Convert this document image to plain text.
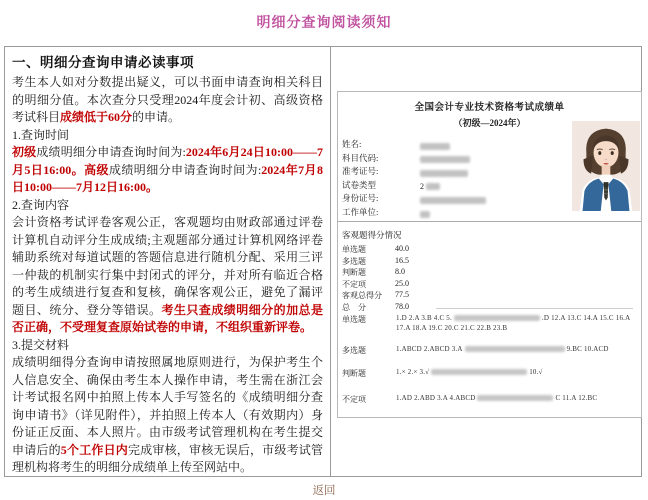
明细分查询阅读须知
一、明细分查询申请必读事项
考生本人如对分数提出疑义，可以书面申请查询相关科目的明细分值。本次查分只受理2024年度会计初、高级资格考试科目成绩低于60分的申请。
1.查询时间
初级成绩明细分申请查询时间为:2024年6月24日10:00——7月5日16:00。高级成绩明细分申请查询时间为:2024年7月8日10:00——7月12日16:00。
2.查询内容
会计资格考试评卷客观公正，客观题均由财政部通过评卷计算机自动评分生成成绩;主观题部分通过计算机网络评卷辅助系统对每道试题的答题信息进行随机分配、采用三评一仲裁的机制实行集中封闭式的评分，并对所有临近合格的考生成绩进行复查和复核，确保客观公正，避免了漏评题目、统分、登分等错误。考生只查成绩明细分的加总是否正确，不受理复查原始试卷的申请，不组织重新评卷。
3.提交材料
成绩明细得分查询申请按照属地原则进行，为保护考生个人信息安全、确保由考生本人操作申请，考生需在浙江会计考试报名网中拍照上传本人手写签名的《成绩明细分查询申请书》（详见附件），并拍照上传本人（有效期内）身份证正反面、本人照片。由市级考试管理机构在考生提交申请后的5个工作日内完成审核，审核无误后，市级考试管理机构将考生的明细分成绩单上传至网站中。
全国会计专业技术资格考试成绩单
（初级—2024年）
姓名:
科目代码:
准考证号:
试卷类型	2
身份证号:
工作单位:
客观题得分情况
单选题	40.0
多选题	16.5
判断题	8.0
不定项	25.0
客观总得分 77.5
总　分	78.0
单选题	1.D 2.A 3.B 4.C 5.	.D 12.A 13.C 14.A 15.C 16.A 17.A 18.A 19.C 20.C 21.C 22.B 23.B
多选题	1.ABCD 2.ABCD 3.A	9.BC 10.ACD
判断题	1.× 2.× 3.√	10.√
不定项	1.AD 2.ABD 3.A 4.ABCD	C 11.A 12.BC
返回
